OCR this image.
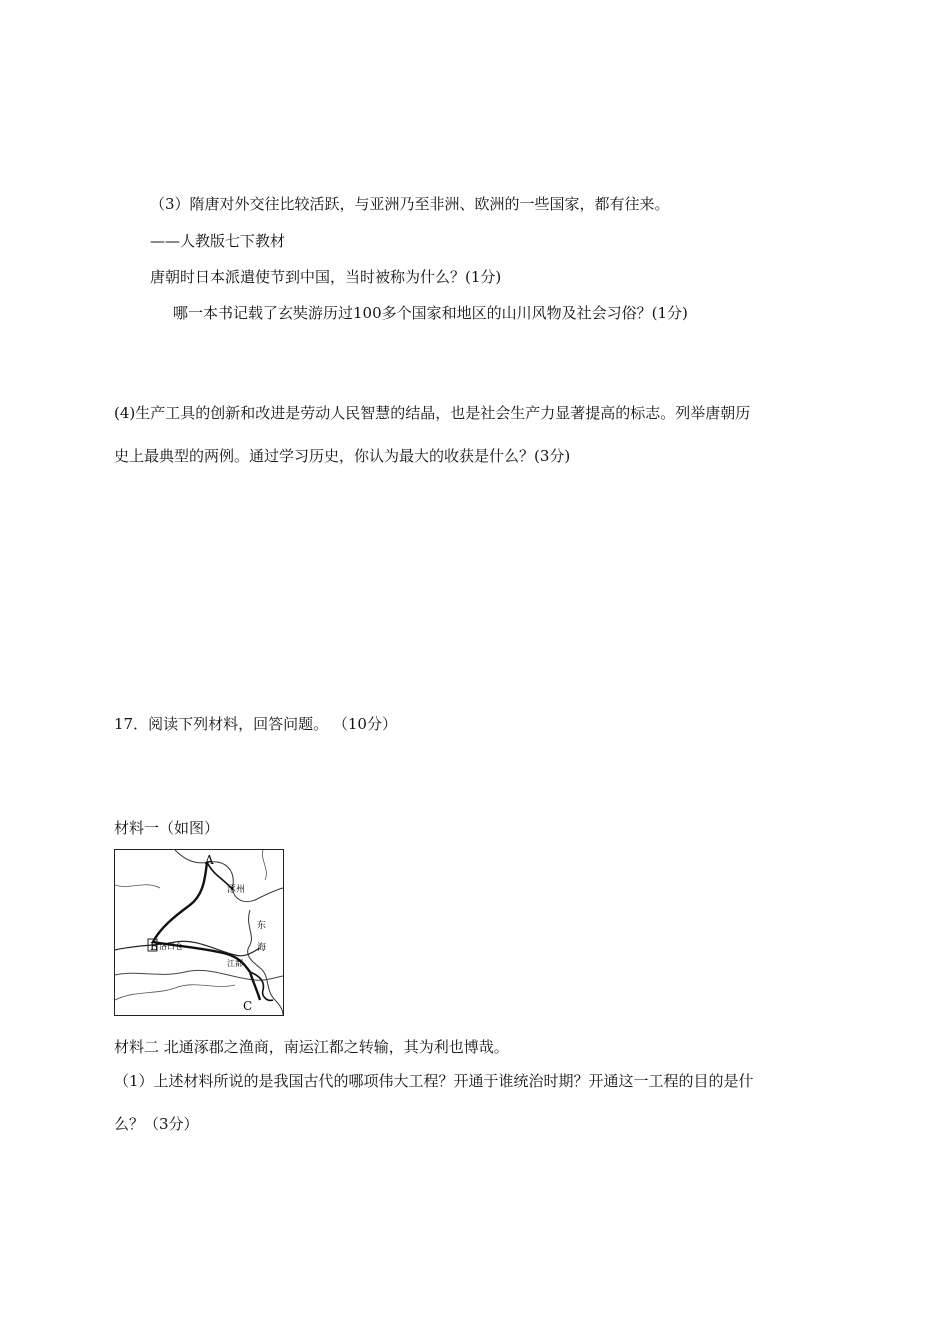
（3）隋唐对外交往比较活跃，与亚洲乃至非洲、欧洲的一些国家，都有往来。
——人教版七下教材
唐朝时日本派遣使节到中国，当时被称为什么？(1分)
哪一本书记载了玄奘游历过100多个国家和地区的山川风物及社会习俗？(1分)
(4)生产工具的创新和改进是劳动人民智慧的结晶，也是社会生产力显著提高的标志。列举唐朝历
史上最典型的两例。通过学习历史，你认为最大的收获是什么？(3分)
17．阅读下列材料，回答问题。 （10分）
材料一（如图）
A
涿州
东
海
B 洛口仓
江都
C
材料二 北通涿郡之渔商，南运江都之转输，其为利也博哉。
（1）上述材料所说的是我国古代的哪项伟大工程？开通于谁统治时期？开通这一工程的目的是什
么？（3分）
